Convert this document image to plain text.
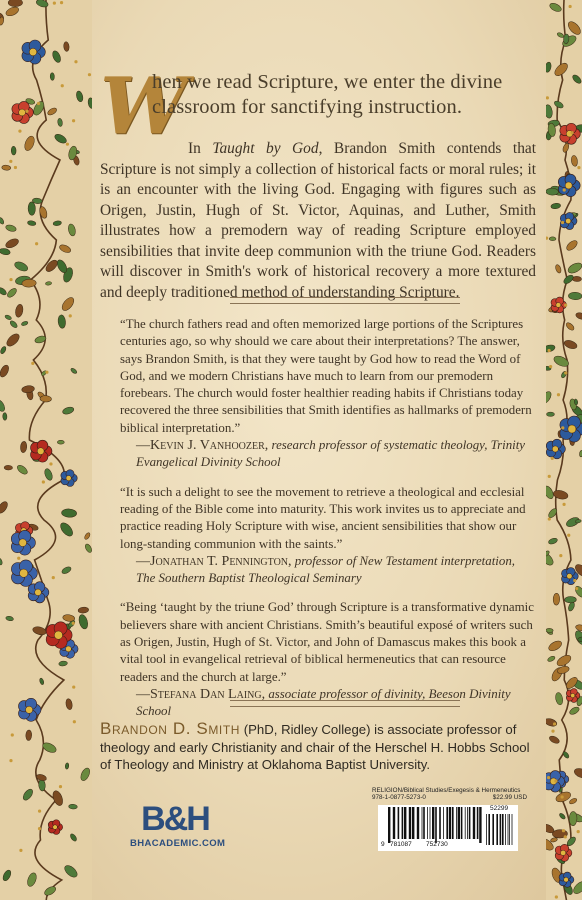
W
hen we read Scripture, we enter the divine classroom for sanctifying instruction.

In Taught by God, Brandon Smith contends that Scripture is not simply a collection of historical facts or moral rules; it is an encounter with the living God. Engaging with figures such as Origen, Justin, Hugh of St. Victor, Aquinas, and Luther, Smith illustrates how a premodern way of reading Scripture employed sensibilities that invite deep communion with the triune God. Readers will discover in Smith's work of historical recovery a more textured and deeply traditioned method of understanding Scripture.

“The church fathers read and often memorized large portions of the Scriptures centuries ago, so why should we care about their interpretations? The answer, says Brandon Smith, is that they were taught by God how to read the Word of God, and we modern Christians have much to learn from our premodern forebears. The church would foster healthier reading habits if Christians today recovered the three sensibilities that Smith identifies as hallmarks of premodern biblical interpretation.”
—Kevin J. Vanhoozer, research professor of systematic theology, Trinity Evangelical Divinity School
“It is such a delight to see the movement to retrieve a theological and ecclesial reading of the Bible come into maturity. This work invites us to appreciate and practice reading Holy Scripture with wise, ancient sensibilities that show our long-standing communion with the saints.”
—Jonathan T. Pennington, professor of New Testament interpretation, The Southern Baptist Theological Seminary
“Being ‘taught by the triune God’ through Scripture is a transformative dynamic believers share with ancient Christians. Smith’s beautiful exposé of writers such as Origen, Justin, Hugh of St. Victor, and John of Damascus makes this book a vital tool in evangelical retrieval of biblical hermeneutics that can resource readers and the church at large.”
—Stefana Dan Laing, associate professor of divinity, Beeson Divinity School
Brandon D. Smith (PhD, Ridley College) is associate professor of theology and early Christianity and chair of the Herschel H. Hobbs School of Theology and Ministry at Oklahoma Baptist University.
B&H
BHACADEMIC.COM
RELIGION/Biblical Studies/Exegesis & Hermeneutics
978-1-0877-5273-0	$22.99 USD
9 781087 752730
52299
